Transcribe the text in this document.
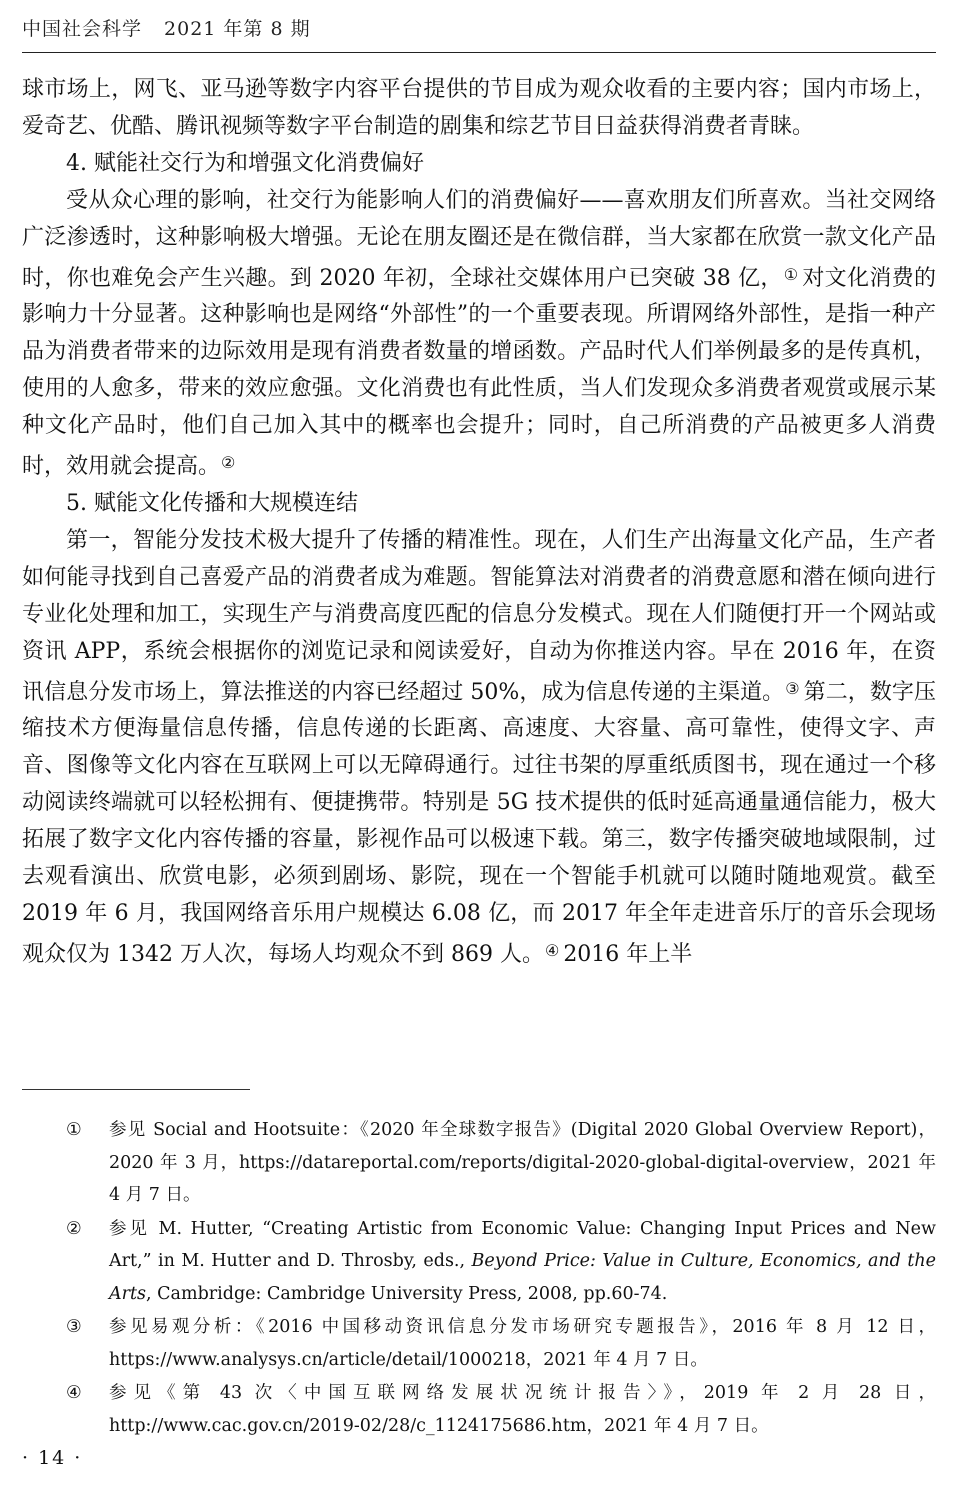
中国社会科学 2021 年第 8 期

球市场上，网飞、亚马逊等数字内容平台提供的节目成为观众收看的主要内容；国内市场上，爱奇艺、优酷、腾讯视频等数字平台制造的剧集和综艺节目日益获得消费者青睐。

4. 赋能社交行为和增强文化消费偏好

受从众心理的影响，社交行为能影响人们的消费偏好——喜欢朋友们所喜欢。当社交网络广泛渗透时，这种影响极大增强。无论在朋友圈还是在微信群，当大家都在欣赏一款文化产品时，你也难免会产生兴趣。到 2020 年初，全球社交媒体用户已突破 38 亿，① 对文化消费的影响力十分显著。这种影响也是网络“外部性”的一个重要表现。所谓网络外部性，是指一种产品为消费者带来的边际效用是现有消费者数量的增函数。产品时代人们举例最多的是传真机，使用的人愈多，带来的效应愈强。文化消费也有此性质，当人们发现众多消费者观赏或展示某种文化产品时，他们自己加入其中的概率也会提升；同时，自己所消费的产品被更多人消费时，效用就会提高。②

5. 赋能文化传播和大规模连结

第一，智能分发技术极大提升了传播的精准性。现在，人们生产出海量文化产品，生产者如何能寻找到自己喜爱产品的消费者成为难题。智能算法对消费者的消费意愿和潜在倾向进行专业化处理和加工，实现生产与消费高度匹配的信息分发模式。现在人们随便打开一个网站或资讯 APP，系统会根据你的浏览记录和阅读爱好，自动为你推送内容。早在 2016 年，在资讯信息分发市场上，算法推送的内容已经超过 50%，成为信息传递的主渠道。③ 第二，数字压缩技术方便海量信息传播，信息传递的长距离、高速度、大容量、高可靠性，使得文字、声音、图像等文化内容在互联网上可以无障碍通行。过往书架的厚重纸质图书，现在通过一个移动阅读终端就可以轻松拥有、便捷携带。特别是 5G 技术提供的低时延高通量通信能力，极大拓展了数字文化内容传播的容量，影视作品可以极速下载。第三，数字传播突破地域限制，过去观看演出、欣赏电影，必须到剧场、影院，现在一个智能手机就可以随时随地观赏。截至 2019 年 6 月，我国网络音乐用户规模达 6.08 亿，而 2017 年全年走进音乐厅的音乐会现场观众仅为 1342 万人次，每场人均观众不到 869 人。④ 2016 年上半

① 参见 Social and Hootsuite：《2020 年全球数字报告》(Digital 2020 Global Overview Report)，2020 年 3 月，https://datareportal.com/reports/digital-2020-global-digital-overview，2021 年 4 月 7 日。
② 参见 M. Hutter, “Creating Artistic from Economic Value: Changing Input Prices and New Art,” in M. Hutter and D. Throsby, eds., Beyond Price: Value in Culture, Economics, and the Arts, Cambridge: Cambridge University Press, 2008, pp.60-74.
③ 参见易观分析：《2016 中国移动资讯信息分发市场研究专题报告》，2016 年 8 月 12 日，https://www.analysys.cn/article/detail/1000218，2021 年 4 月 7 日。
④ 参见《第 43 次〈中国互联网络发展状况统计报告〉》，2019 年 2 月 28 日，http://www.cac.gov.cn/2019-02/28/c_1124175686.htm，2021 年 4 月 7 日。
· 14 ·
